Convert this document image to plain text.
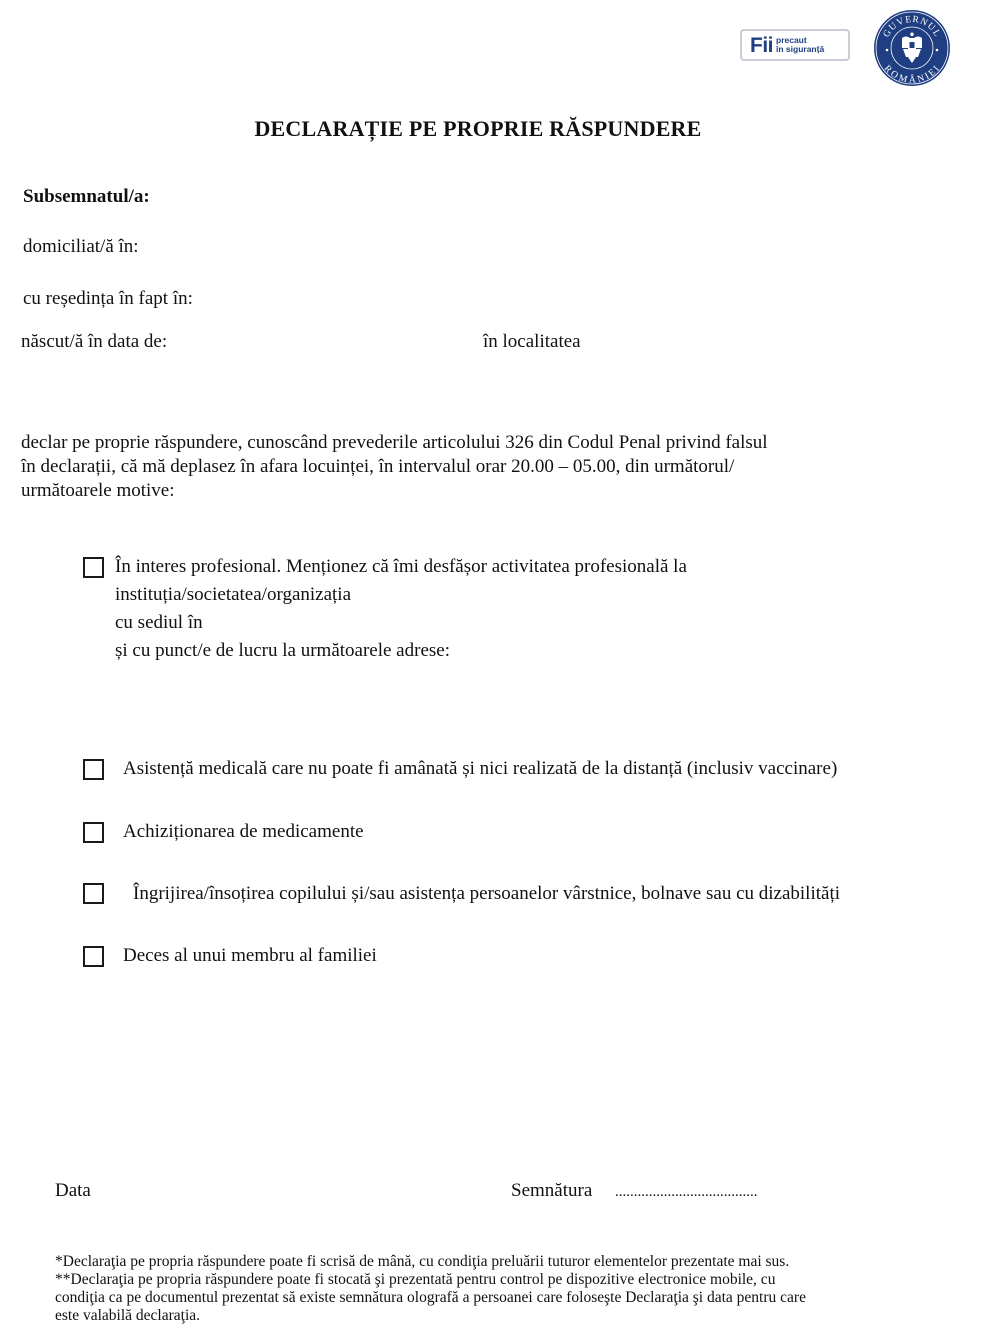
Fii precaut
în siguranță
GUVERNUL
ROMÂNIEI
DECLARAȚIE PE PROPRIE RĂSPUNDERE
Subsemnatul/a:
domiciliat/ă în:
cu reședința în fapt în:
născut/ă în data de:	în localitatea
declar pe proprie răspundere, cunoscând prevederile articolului 326 din Codul Penal privind falsul
în declarații, că mă deplasez în afara locuinței, în intervalul orar 20.00 – 05.00, din următorul/
următoarele motive:
În interes profesional. Menționez că îmi desfășor activitatea profesională la
instituția/societatea/organizația
cu sediul în
și cu punct/e de lucru la următoarele adrese:
Asistență medicală care nu poate fi amânată și nici realizată de la distanță (inclusiv vaccinare)
Achiziționarea de medicamente
Îngrijirea/însoțirea copilului și/sau asistența persoanelor vârstnice, bolnave sau cu dizabilități
Deces al unui membru al familiei
Data	Semnătura ......................................
*Declaraţia pe propria răspundere poate fi scrisă de mână, cu condiţia preluării tuturor elementelor prezentate mai sus.
**Declaraţia pe propria răspundere poate fi stocată şi prezentată pentru control pe dispozitive electronice mobile, cu
condiţia ca pe documentul prezentat să existe semnătura olografă a persoanei care foloseşte Declaraţia şi data pentru care
este valabilă declaraţia.
